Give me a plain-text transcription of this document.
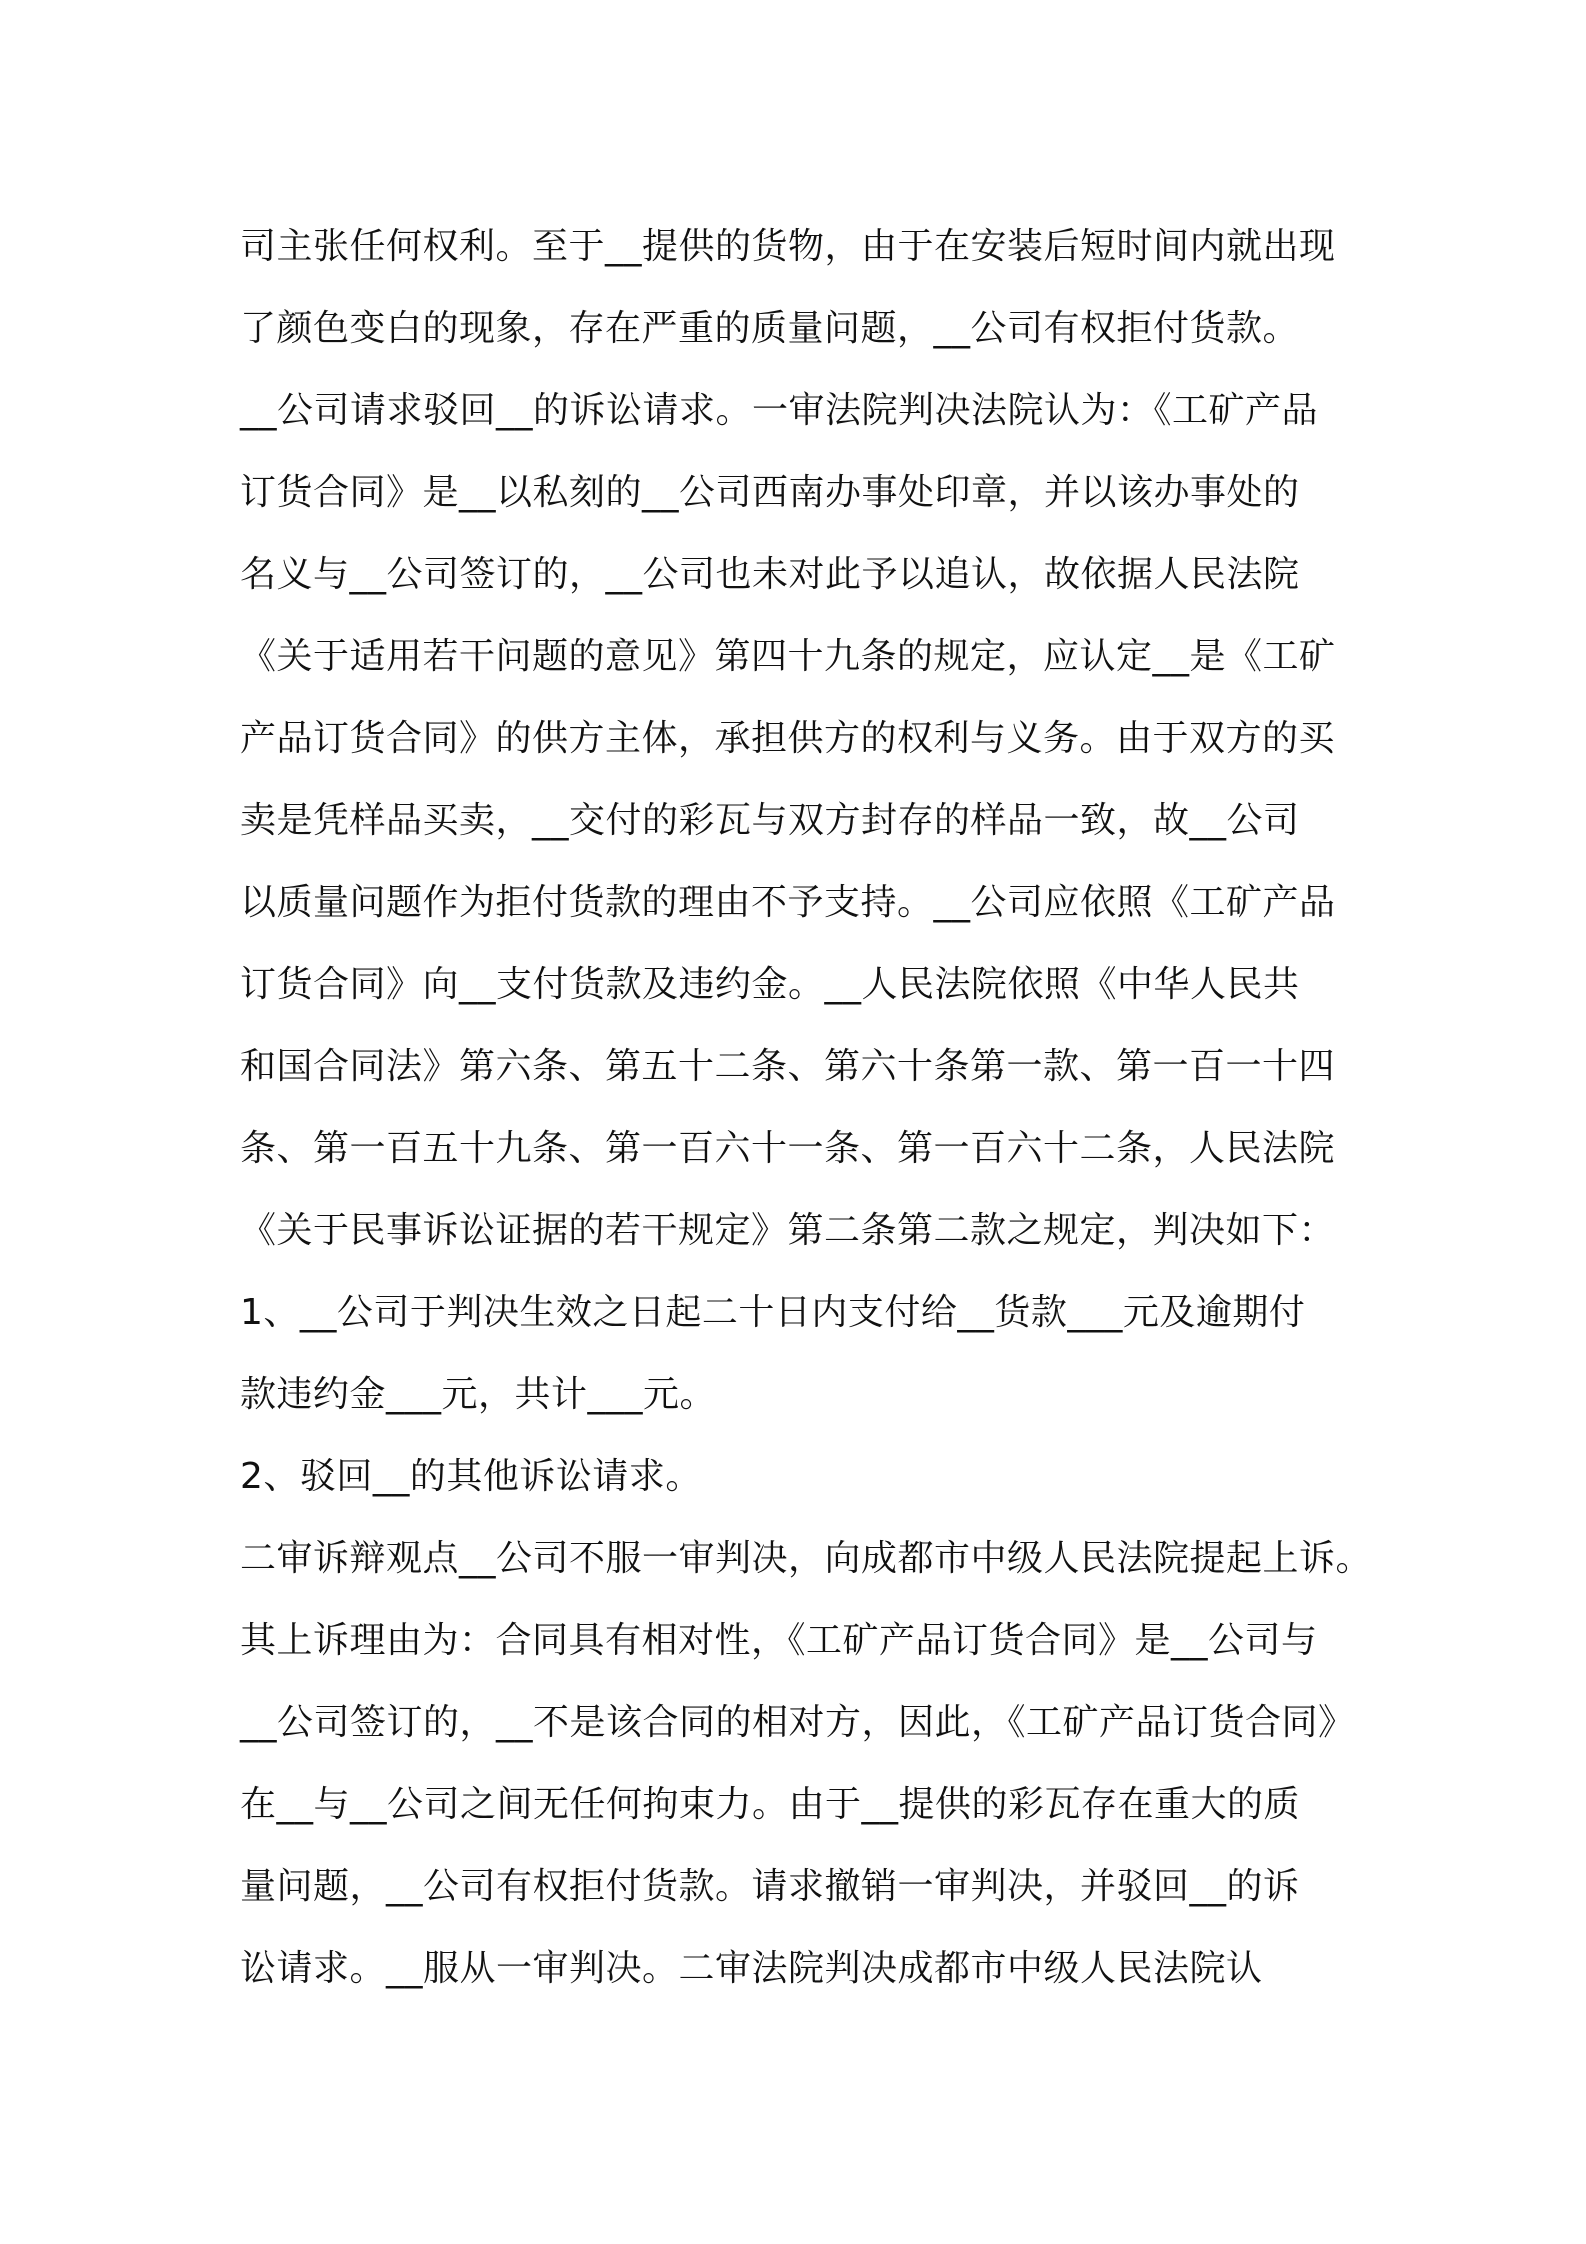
司主张任何权利。至于__提供的货物，由于在安装后短时间内就出现
了颜色变白的现象，存在严重的质量问题，__公司有权拒付货款。
__公司请求驳回__的诉讼请求。一审法院判决法院认为：《工矿产品
订货合同》是__以私刻的__公司西南办事处印章，并以该办事处的
名义与__公司签订的，__公司也未对此予以追认，故依据人民法院
《关于适用若干问题的意见》第四十九条的规定，应认定__是《工矿
产品订货合同》的供方主体，承担供方的权利与义务。由于双方的买
卖是凭样品买卖，__交付的彩瓦与双方封存的样品一致，故__公司
以质量问题作为拒付货款的理由不予支持。__公司应依照《工矿产品
订货合同》向__支付货款及违约金。__人民法院依照《中华人民共
和国合同法》第六条、第五十二条、第六十条第一款、第一百一十四
条、第一百五十九条、第一百六十一条、第一百六十二条，人民法院
《关于民事诉讼证据的若干规定》第二条第二款之规定，判决如下：
1、__公司于判决生效之日起二十日内支付给__货款___元及逾期付
款违约金___元，共计___元。
2、驳回__的其他诉讼请求。
二审诉辩观点__公司不服一审判决，向成都市中级人民法院提起上诉。
其上诉理由为：合同具有相对性，《工矿产品订货合同》是__公司与
__公司签订的，__不是该合同的相对方，因此，《工矿产品订货合同》
在__与__公司之间无任何拘束力。由于__提供的彩瓦存在重大的质
量问题，__公司有权拒付货款。请求撤销一审判决，并驳回__的诉
讼请求。__服从一审判决。二审法院判决成都市中级人民法院认
